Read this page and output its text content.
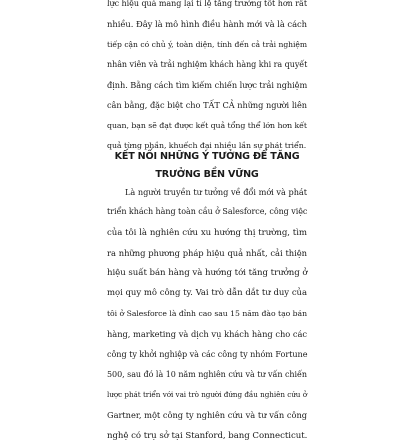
lực hiệu quả mang lại tỉ lệ tăng trưởng tốt hơn rất
nhiều. Đây là mô hình điều hành mới và là cách
tiếp cận có chủ ý, toàn diện, tính đến cả trải nghiệm
nhân viên và trải nghiệm khách hàng khi ra quyết
định. Bằng cách tìm kiếm chiến lược trải nghiệm
cân bằng, đặc biệt cho TẤT CẢ những người liên
quan, bạn sẽ đạt được kết quả tổng thể lớn hơn kết
quả từng phần, khuếch đại nhiều lần sự phát triển.
KẾT NỐI NHỮNG Ý TƯỞNG ĐỂ TĂNG
TRƯỞNG BỀN VỮNG
Là người truyền tư tưởng về đổi mới và phát
triển khách hàng toàn cầu ở Salesforce, công việc
của tôi là nghiên cứu xu hướng thị trường, tìm
ra những phương pháp hiệu quả nhất, cải thiện
hiệu suất bán hàng và hướng tới tăng trưởng ở
mọi quy mô công ty. Vai trò dẫn dắt tư duy của
tôi ở Salesforce là đỉnh cao sau 15 năm đào tạo bán
hàng, marketing và dịch vụ khách hàng cho các
công ty khởi nghiệp và các công ty nhóm Fortune
500, sau đó là 10 năm nghiên cứu và tư vấn chiến
lược phát triển với vai trò người đứng đầu nghiên cứu ở
Gartner, một công ty nghiên cứu và tư vấn công
nghệ có trụ sở tại Stanford, bang Connecticut.
